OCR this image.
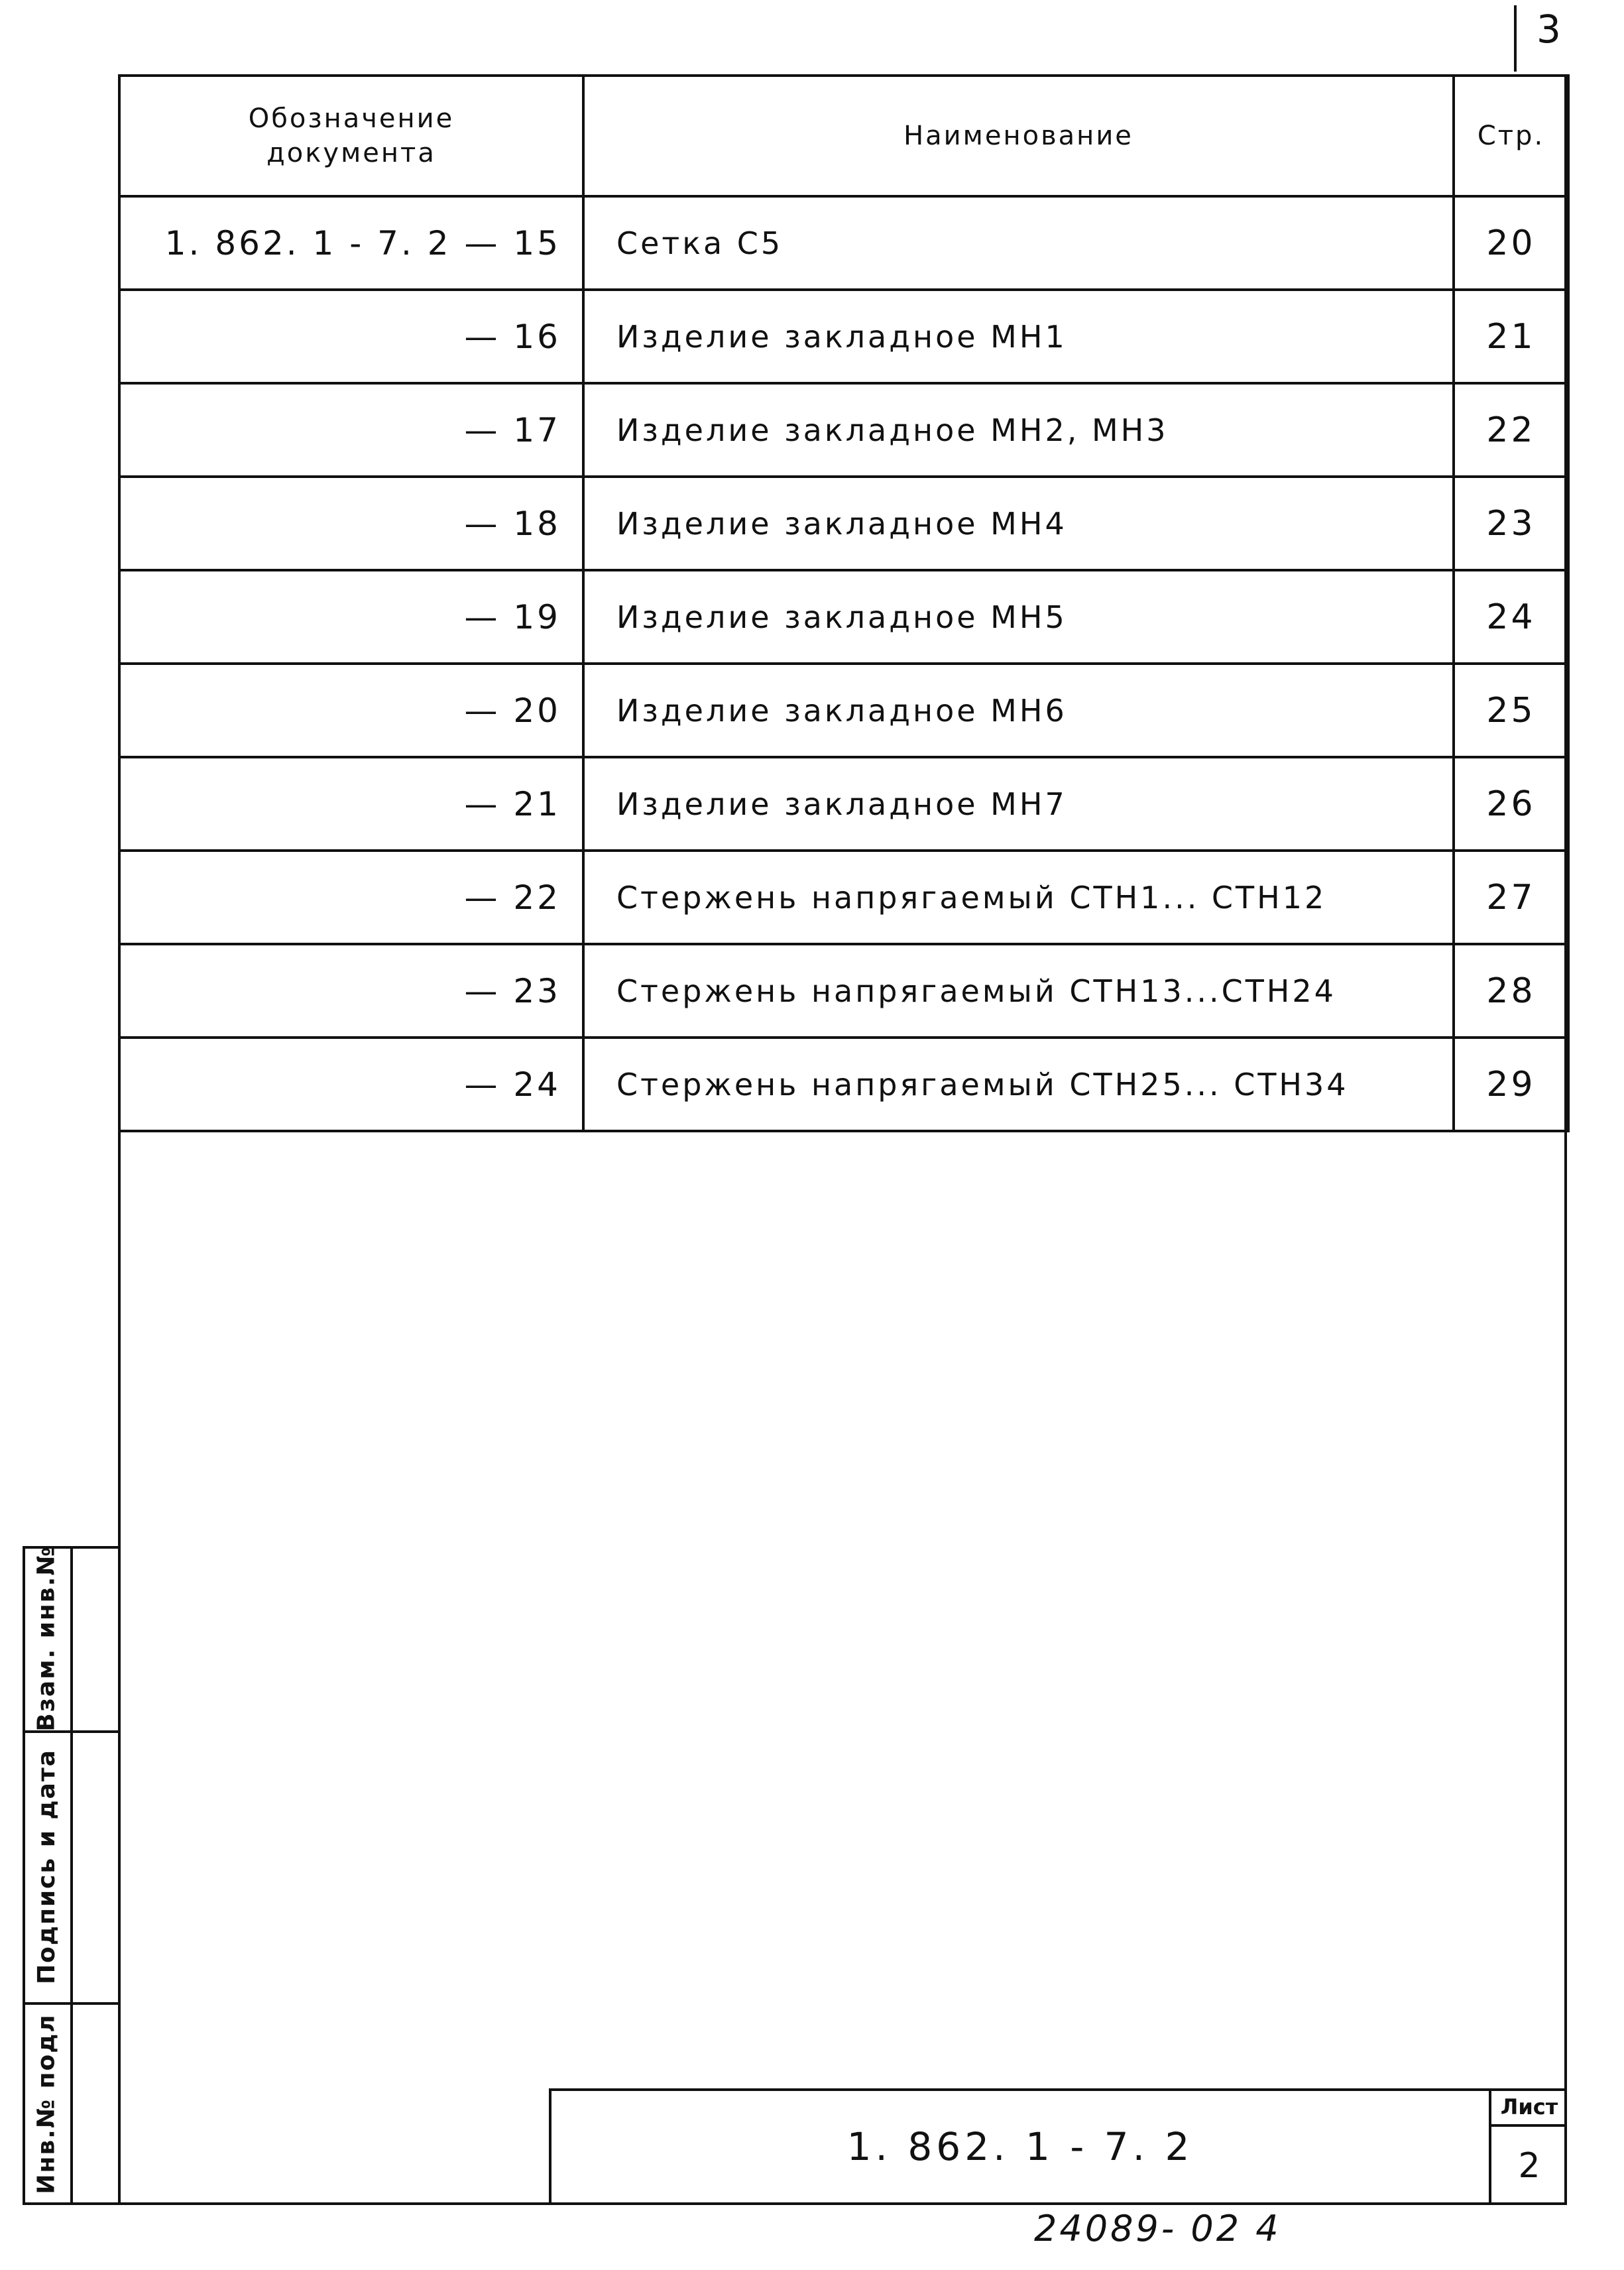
3
Обозначение документа	Наименование	Стр.
1. 862. 1 - 7. 2 — 15	Сетка С5	20
— 16	Изделие закладное МН1	21
— 17	Изделие закладное МН2, МН3	22
— 18	Изделие закладное МН4	23
— 19	Изделие закладное МН5	24
— 20	Изделие закладное МН6	25
— 21	Изделие закладное МН7	26
— 22	Стержень напрягаемый СТН1... СТН12	27
— 23	Стержень напрягаемый СТН13...СТН24	28
— 24	Стержень напрягаемый СТН25... СТН34	29
Взам. инв.№
Подпись и дата
Инв.№ подл	1. 862. 1 - 7. 2
Лист
2
24089- 02 4
